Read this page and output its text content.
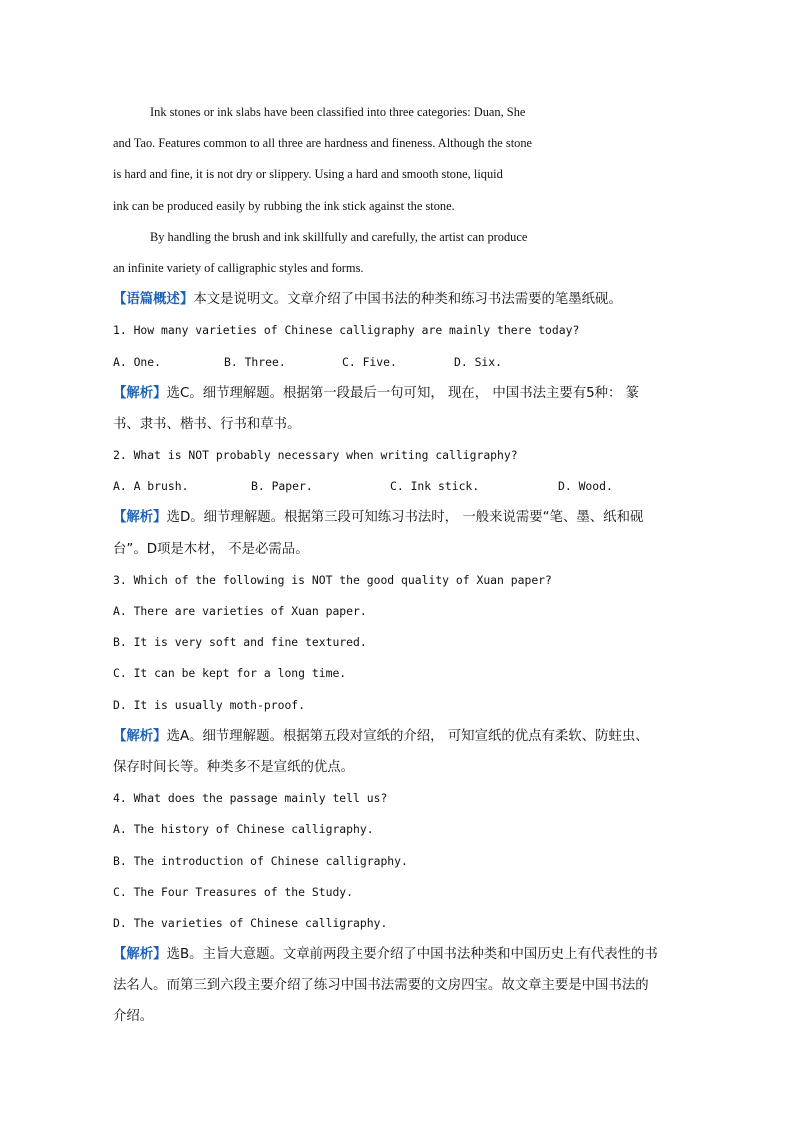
Ink stones or ink slabs have been classified into three categories: Duan, She
and Tao. Features common to all three are hardness and fineness. Although the stone
is hard and fine, it is not dry or slippery. Using a hard and smooth stone, liquid
ink can be produced easily by rubbing the ink stick against the stone.
By handling the brush and ink skillfully and carefully, the artist can produce
an infinite variety of calligraphic styles and forms.
【语篇概述】本文是说明文。文章介绍了中国书法的种类和练习书法需要的笔墨纸砚。
1. How many varieties of Chinese calligraphy are mainly there today?
A. One.	B. Three.	C. Five.	D. Six.
【解析】选C。细节理解题。根据第一段最后一句可知， 现在， 中国书法主要有5种： 篆
书、隶书、楷书、行书和草书。
2. What is NOT probably necessary when writing calligraphy?
A. A brush.	B. Paper.	C. Ink stick.	D. Wood.
【解析】选D。细节理解题。根据第三段可知练习书法时， 一般来说需要“笔、墨、纸和砚
台”。D项是木材， 不是必需品。
3. Which of the following is NOT the good quality of Xuan paper?
A. There are varieties of Xuan paper.
B. It is very soft and fine textured.
C. It can be kept for a long time.
D. It is usually moth-proof.
【解析】选A。细节理解题。根据第五段对宣纸的介绍， 可知宣纸的优点有柔软、防蛀虫、
保存时间长等。种类多不是宣纸的优点。
4. What does the passage mainly tell us?
A. The history of Chinese calligraphy.
B. The introduction of Chinese calligraphy.
C. The Four Treasures of the Study.
D. The varieties of Chinese calligraphy.
【解析】选B。主旨大意题。文章前两段主要介绍了中国书法种类和中国历史上有代表性的书
法名人。而第三到六段主要介绍了练习中国书法需要的文房四宝。故文章主要是中国书法的
介绍。
